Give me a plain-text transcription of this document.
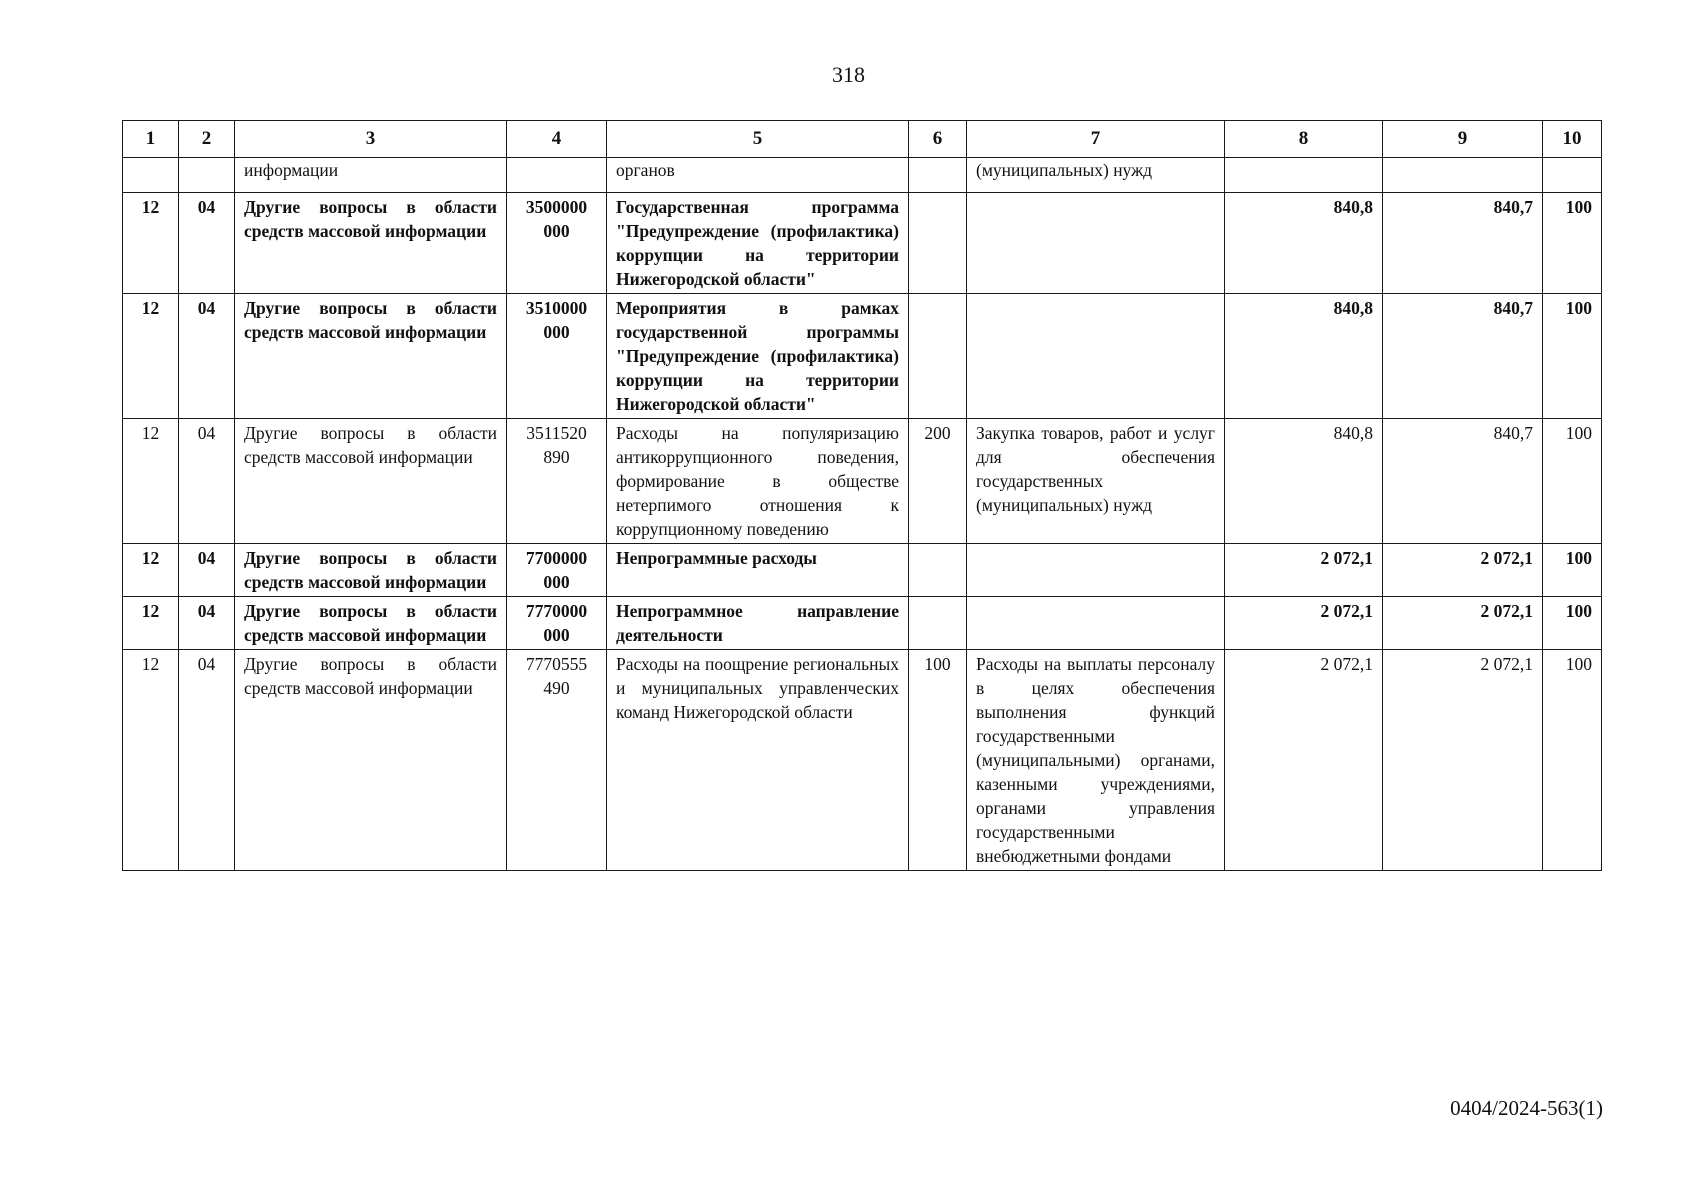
318
1	2	3	4	5	6	7	8	9	10
		информации		органов		(муниципальных) нужд			
12	04	Другие вопросы в области средств массовой информации	3500000 000	Государственная программа "Предупреждение (профилактика) коррупции на территории Нижегородской области"			840,8	840,7	100
12	04	Другие вопросы в области средств массовой информации	3510000 000	Мероприятия в рамках государственной программы "Предупреждение (профилактика) коррупции на территории Нижегородской области"			840,8	840,7	100
12	04	Другие вопросы в области средств массовой информации	3511520 890	Расходы на популяризацию антикоррупционного поведения, формирование в обществе нетерпимого отношения к коррупционному поведению	200	Закупка товаров, работ и услуг для обеспечения государственных (муниципальных) нужд	840,8	840,7	100
12	04	Другие вопросы в области средств массовой информации	7700000 000	Непрограммные расходы			2 072,1	2 072,1	100
12	04	Другие вопросы в области средств массовой информации	7770000 000	Непрограммное направление деятельности			2 072,1	2 072,1	100
12	04	Другие вопросы в области средств массовой информации	7770555 490	Расходы на поощрение региональных и муниципальных управленческих команд Нижегородской области	100	Расходы на выплаты персоналу в целях обеспечения выполнения функций государственными (муниципальными) органами, казенными учреждениями, органами управления государственными внебюджетными фондами	2 072,1	2 072,1	100
0404/2024-563(1)
